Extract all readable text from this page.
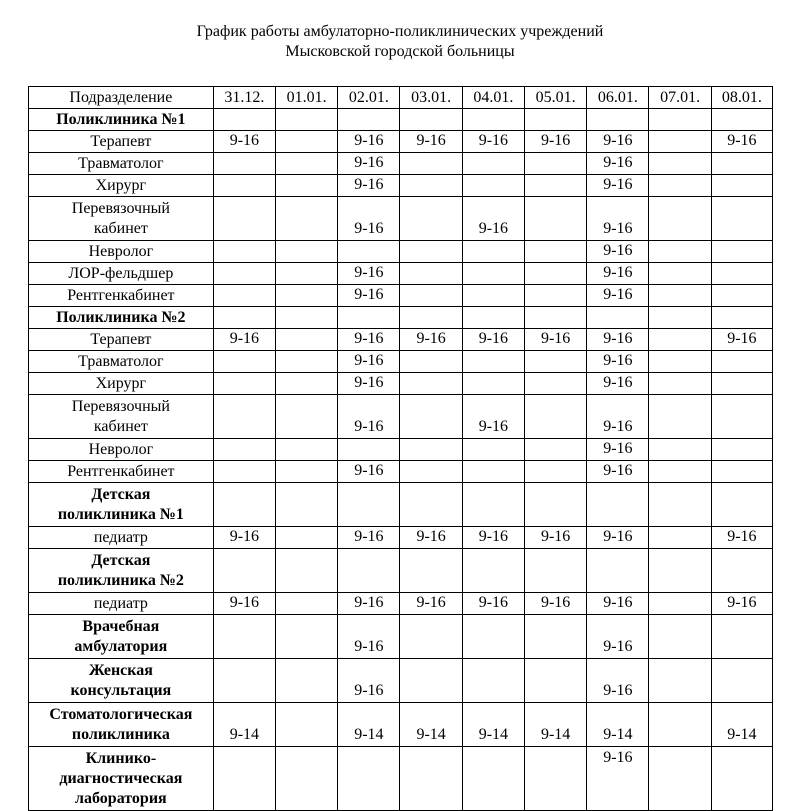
График работы амбулаторно-поликлинических учреждений
Мысковской городской больницы
Подразделение	31.12.	01.01.	02.01.	03.01.	04.01.	05.01.	06.01.	07.01.	08.01.
Поликлиника №1									
Терапевт	9-16		9-16	9-16	9-16	9-16	9-16		9-16
Травматолог			9-16				9-16		
Хирург			9-16				9-16		

Перевязочный
кабинет			9-16		9-16		9-16		
Невролог							9-16		
ЛОР-фельдшер			9-16				9-16		
Рентгенкабинет			9-16				9-16		
Поликлиника №2									
Терапевт	9-16		9-16	9-16	9-16	9-16	9-16		9-16
Травматолог			9-16				9-16		
Хирург			9-16				9-16		

Перевязочный
кабинет			9-16		9-16		9-16		
Невролог							9-16		
Рентгенкабинет			9-16				9-16		

Детская
поликлиника №1									

педиатр	9-16		9-16	9-16	9-16	9-16	9-16		9-16

Детская
поликлиника №2									

педиатр	9-16		9-16	9-16	9-16	9-16	9-16		9-16

Врачебная
амбулатория			9-16				9-16		

Женская
консультация			9-16				9-16		

Стоматологическая
поликлиника	9-14		9-14	9-14	9-14	9-14	9-14		9-14

Клинико-
диагностическая
лаборатория							9-16		
